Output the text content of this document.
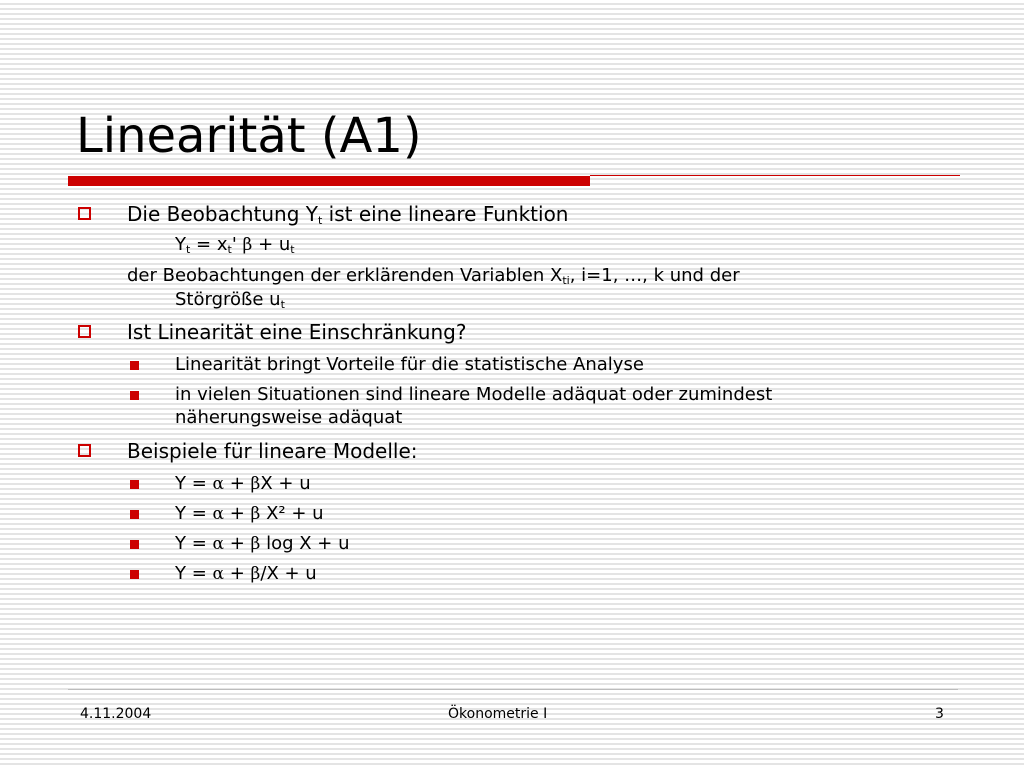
Linearität (A1)
Die Beobachtung $Y_t$ ist eine lineare Funktion
$Y_t = x_t'$ $\beta + u_t$
der Beobachtungen der erklärenden Variablen $X_{ti}$, i=1, …, k und der
Störgröße $u_t$
Ist Linearität eine Einschränkung?
Linearität bringt Vorteile für die statistische Analyse
in vielen Situationen sind lineare Modelle adäquat oder zumindest
näherungsweise adäquat
Beispiele für lineare Modelle:
Y = α + βX + u
Y = α + β X² + u
Y = α + β log X + u
Y = α + β/X + u
4.11.2004	Ökonometrie I	3
